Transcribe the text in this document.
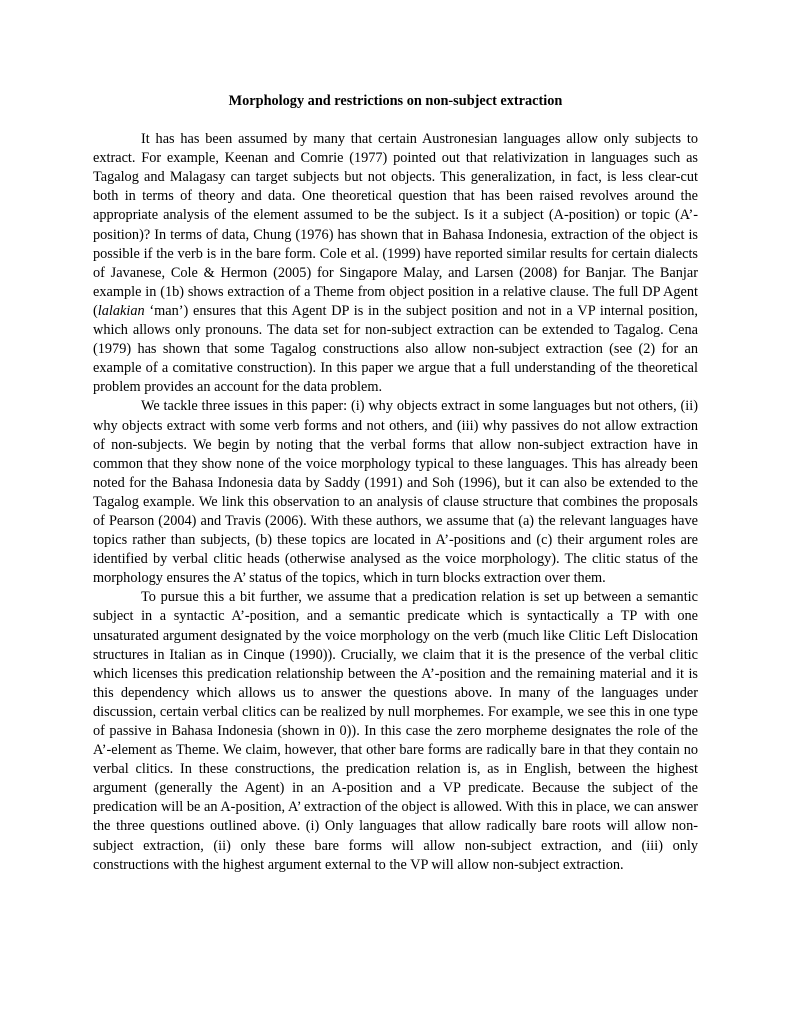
Morphology and restrictions on non-subject extraction

It has has been assumed by many that certain Austronesian languages allow only subjects to extract. For example, Keenan and Comrie (1977) pointed out that relativization in languages such as Tagalog and Malagasy can target subjects but not objects. This generalization, in fact, is less clear-cut both in terms of theory and data. One theoretical question that has been raised revolves around the appropriate analysis of the element assumed to be the subject. Is it a subject (A-position) or topic (A’-position)? In terms of data, Chung (1976) has shown that in Bahasa Indonesia, extraction of the object is possible if the verb is in the bare form. Cole et al. (1999) have reported similar results for certain dialects of Javanese, Cole & Hermon (2005) for Singapore Malay, and Larsen (2008) for Banjar. The Banjar example in (1b) shows extraction of a Theme from object position in a relative clause. The full DP Agent (lalakian ‘man’) ensures that this Agent DP is in the subject position and not in a VP internal position, which allows only pronouns. The data set for non-subject extraction can be extended to Tagalog. Cena (1979) has shown that some Tagalog constructions also allow non-subject extraction (see (2) for an example of a comitative construction). In this paper we argue that a full understanding of the theoretical problem provides an account for the data problem.

We tackle three issues in this paper: (i) why objects extract in some languages but not others, (ii) why objects extract with some verb forms and not others, and (iii) why passives do not allow extraction of non-subjects. We begin by noting that the verbal forms that allow non-subject extraction have in common that they show none of the voice morphology typical to these languages. This has already been noted for the Bahasa Indonesia data by Saddy (1991) and Soh (1996), but it can also be extended to the Tagalog example. We link this observation to an analysis of clause structure that combines the proposals of Pearson (2004) and Travis (2006). With these authors, we assume that (a) the relevant languages have topics rather than subjects, (b) these topics are located in A’-positions and (c) their argument roles are identified by verbal clitic heads (otherwise analysed as the voice morphology). The clitic status of the morphology ensures the A’ status of the topics, which in turn blocks extraction over them.

To pursue this a bit further, we assume that a predication relation is set up between a semantic subject in a syntactic A’-position, and a semantic predicate which is syntactically a TP with one unsaturated argument designated by the voice morphology on the verb (much like Clitic Left Dislocation structures in Italian as in Cinque (1990)). Crucially, we claim that it is the presence of the verbal clitic which licenses this predication relationship between the A’-position and the remaining material and it is this dependency which allows us to answer the questions above. In many of the languages under discussion, certain verbal clitics can be realized by null morphemes. For example, we see this in one type of passive in Bahasa Indonesia (shown in 0)). In this case the zero morpheme designates the role of the A’-element as Theme. We claim, however, that other bare forms are radically bare in that they contain no verbal clitics. In these constructions, the predication relation is, as in English, between the highest argument (generally the Agent) in an A-position and a VP predicate. Because the subject of the predication will be an A-position, A’ extraction of the object is allowed. With this in place, we can answer the three questions outlined above. (i) Only languages that allow radically bare roots will allow non-subject extraction, (ii) only these bare forms will allow non-subject extraction, and (iii) only constructions with the highest argument external to the VP will allow non-subject extraction.
